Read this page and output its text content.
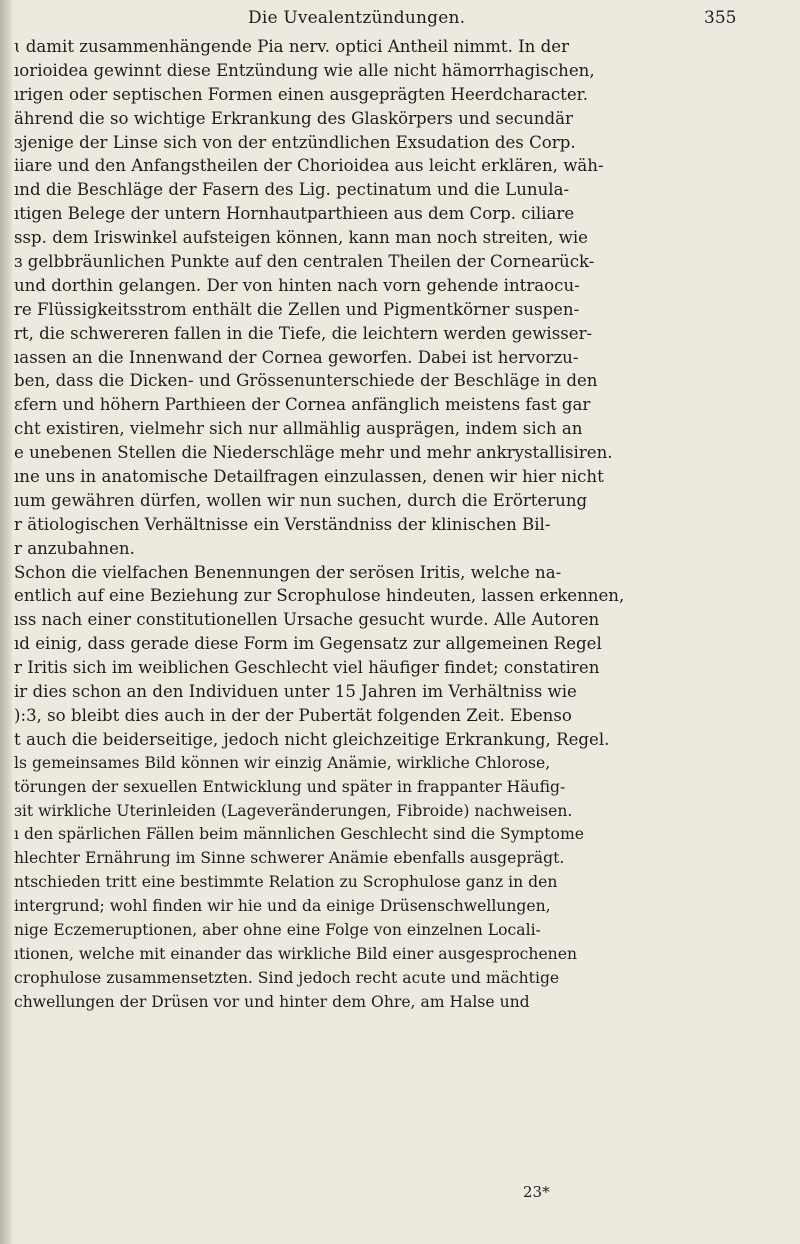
Die Uvealentzündungen.	355
ɩ damit zusammenhängende Pia nerv. optici Antheil nimmt. In der
ıorioidea gewinnt diese Entzündung wie alle nicht hämorrhagischen,
ırigen oder septischen Formen einen ausgeprägten Heerdcharacter.
ährend die so wichtige Erkrankung des Glaskörpers und secundär
ɜjenige der Linse sich von der entzündlichen Exsudation des Corp.
iiare und den Anfangstheilen der Chorioidea aus leicht erklären, wäh-
ınd die Beschläge der Fasern des Lig. pectinatum und die Lunula-
ıtigen Belege der untern Hornhautparthieen aus dem Corp. ciliare
ssp. dem Iriswinkel aufsteigen können, kann man noch streiten, wie
ɜ gelbbräunlichen Punkte auf den centralen Theilen der Cornearück-
und dorthin gelangen. Der von hinten nach vorn gehende intraocu-
re Flüssigkeitsstrom enthält die Zellen und Pigmentkörner suspen-
rt, die schwereren fallen in die Tiefe, die leichtern werden gewisser-
ıassen an die Innenwand der Cornea geworfen. Dabei ist hervorzu-
ben, dass die Dicken- und Grössenunterschiede der Beschläge in den
ɛfern und höhern Parthieen der Cornea anfänglich meistens fast gar
cht existiren, vielmehr sich nur allmählig ausprägen, indem sich an
e unebenen Stellen die Niederschläge mehr und mehr ankrystallisiren.
ıne uns in anatomische Detailfragen einzulassen, denen wir hier nicht
ıum gewähren dürfen, wollen wir nun suchen, durch die Erörterung
r ätiologischen Verhältnisse ein Verständniss der klinischen Bil-
r anzubahnen.
Schon die vielfachen Benennungen der serösen Iritis, welche na-
entlich auf eine Beziehung zur Scrophulose hindeuten, lassen erkennen,
ıss nach einer constitutionellen Ursache gesucht wurde. Alle Autoren
ıd einig, dass gerade diese Form im Gegensatz zur allgemeinen Regel
r Iritis sich im weiblichen Geschlecht viel häufiger findet; constatiren
ir dies schon an den Individuen unter 15 Jahren im Verhältniss wie
):3, so bleibt dies auch in der der Pubertät folgenden Zeit. Ebenso
t auch die beiderseitige, jedoch nicht gleichzeitige Erkrankung, Regel.
ls gemeinsames Bild können wir einzig Anämie, wirkliche Chlorose,
törungen der sexuellen Entwicklung und später in frappanter Häufig-
ɜit wirkliche Uterinleiden (Lageveränderungen, Fibroide) nachweisen.
ı den spärlichen Fällen beim männlichen Geschlecht sind die Symptome
hlechter Ernährung im Sinne schwerer Anämie ebenfalls ausgeprägt.
ntschieden tritt eine bestimmte Relation zu Scrophulose ganz in den
intergrund; wohl finden wir hie und da einige Drüsenschwellungen,
nige Eczemeruptionen, aber ohne eine Folge von einzelnen Locali-
ıtionen, welche mit einander das wirkliche Bild einer ausgesprochenen
crophulose zusammensetzten. Sind jedoch recht acute und mächtige
chwellungen der Drüsen vor und hinter dem Ohre, am Halse und
23*
